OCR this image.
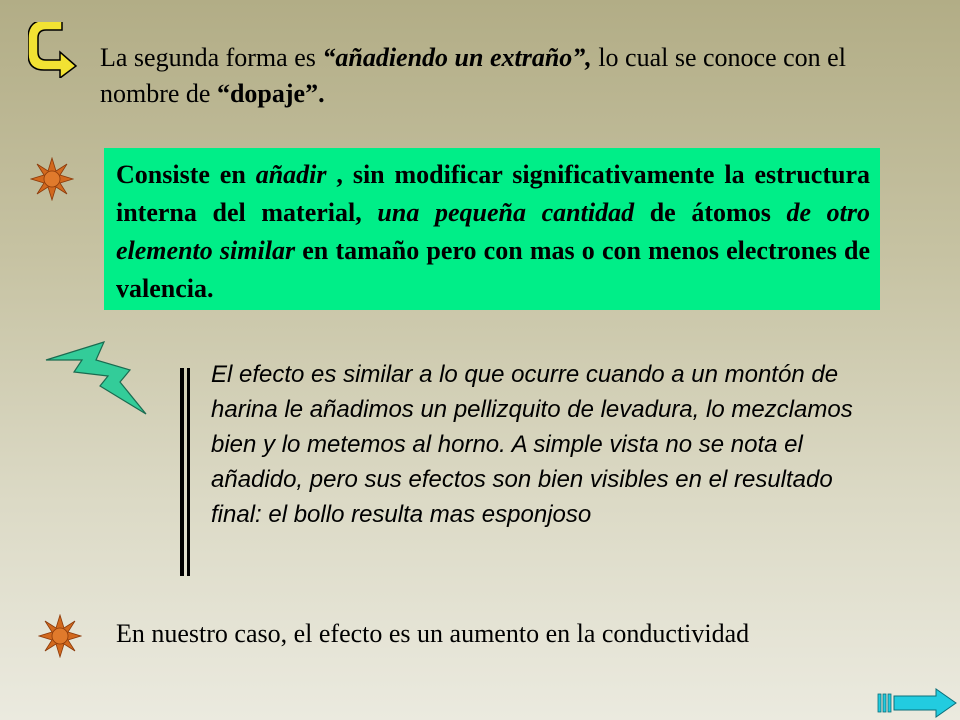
La segunda forma es “añadiendo un extraño”, lo cual se conoce con el nombre de “dopaje”.
Consiste en añadir , sin modificar significativamente la estructura interna del material, una pequeña cantidad de átomos de otro elemento similar en tamaño pero con mas o con menos electrones de valencia.
El efecto es similar a lo que ocurre cuando a un montón de harina le añadimos un pellizquito de levadura, lo mezclamos bien y lo metemos al horno. A simple vista no se nota el añadido, pero sus efectos son bien visibles en el resultado final: el bollo resulta mas esponjoso
En nuestro caso, el efecto es un aumento en la conductividad
